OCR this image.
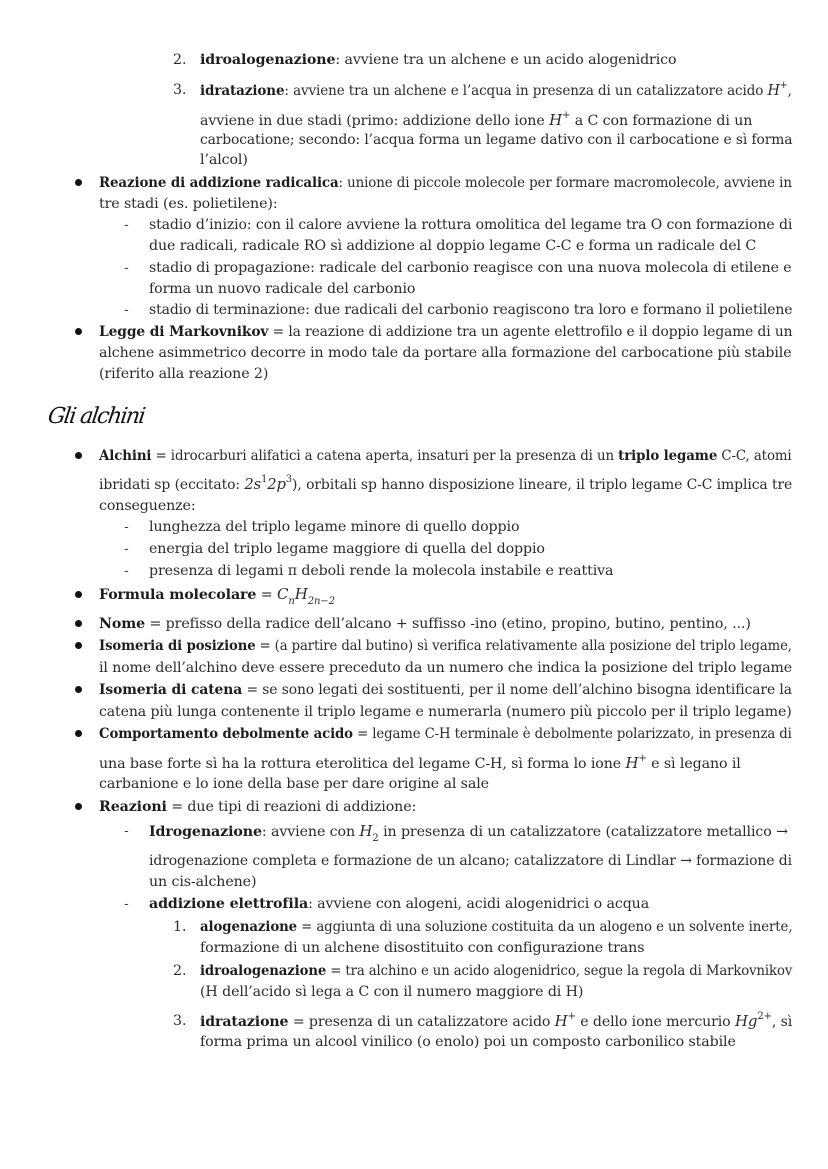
2. idroalogenazione: avviene tra un alchene e un acido alogenidrico
3. idratazione: avviene tra un alchene e l’acqua in presenza di un catalizzatore acido H+,
avviene in due stadi (primo: addizione dello ione H+ a C con formazione di un
carbocatione; secondo: l’acqua forma un legame dativo con il carbocatione e sì forma
l’alcol)
Reazione di addizione radicalica: unione di piccole molecole per formare macromolecole, avviene in
tre stadi (es. polietilene):
- stadio d’inizio: con il calore avviene la rottura omolitica del legame tra O con formazione di
due radicali, radicale RO sì addizione al doppio legame C-C e forma un radicale del C
- stadio di propagazione: radicale del carbonio reagisce con una nuova molecola di etilene e
forma un nuovo radicale del carbonio
- stadio di terminazione: due radicali del carbonio reagiscono tra loro e formano il polietilene
Legge di Markovnikov = la reazione di addizione tra un agente elettrofilo e il doppio legame di un
alchene asimmetrico decorre in modo tale da portare alla formazione del carbocatione più stabile
(riferito alla reazione 2)
Gli alchini
Alchini = idrocarburi alifatici a catena aperta, insaturi per la presenza di un triplo legame C-C, atomi
ibridati sp (eccitato: $2s^12p^3$), orbitali sp hanno disposizione lineare, il triplo legame C-C implica tre
conseguenze:
- lunghezza del triplo legame minore di quello doppio
- energia del triplo legame maggiore di quella del doppio
- presenza di legami π deboli rende la molecola instabile e reattiva
Formula molecolare = $C_nH_{2n-2}$
Nome = prefisso della radice dell’alcano + suffisso -ino (etino, propino, butino, pentino, ...)
Isomeria di posizione = (a partire dal butino) sì verifica relativamente alla posizione del triplo legame,
il nome dell’alchino deve essere preceduto da un numero che indica la posizione del triplo legame
Isomeria di catena = se sono legati dei sostituenti, per il nome dell’alchino bisogna identificare la
catena più lunga contenente il triplo legame e numerarla (numero più piccolo per il triplo legame)
Comportamento debolmente acido = legame C-H terminale è debolmente polarizzato, in presenza di
una base forte sì ha la rottura eterolitica del legame C-H, sì forma lo ione H+ e sì legano il
carbanione e lo ione della base per dare origine al sale
Reazioni = due tipi di reazioni di addizione:
- Idrogenazione: avviene con $H_2$ in presenza di un catalizzatore (catalizzatore metallico →
idrogenazione completa e formazione de un alcano; catalizzatore di Lindlar → formazione di
un cis-alchene)
- addizione elettrofila: avviene con alogeni, acidi alogenidrici o acqua
1. alogenazione = aggiunta di una soluzione costituita da un alogeno e un solvente inerte,
formazione di un alchene disostituito con configurazione trans
2. idroalogenazione = tra alchino e un acido alogenidrico, segue la regola di Markovnikov
(H dell’acido sì lega a C con il numero maggiore di H)
3. idratazione = presenza di un catalizzatore acido H+ e dello ione mercurio $Hg^{2+}$, sì
forma prima un alcool vinilico (o enolo) poi un composto carbonilico stabile
